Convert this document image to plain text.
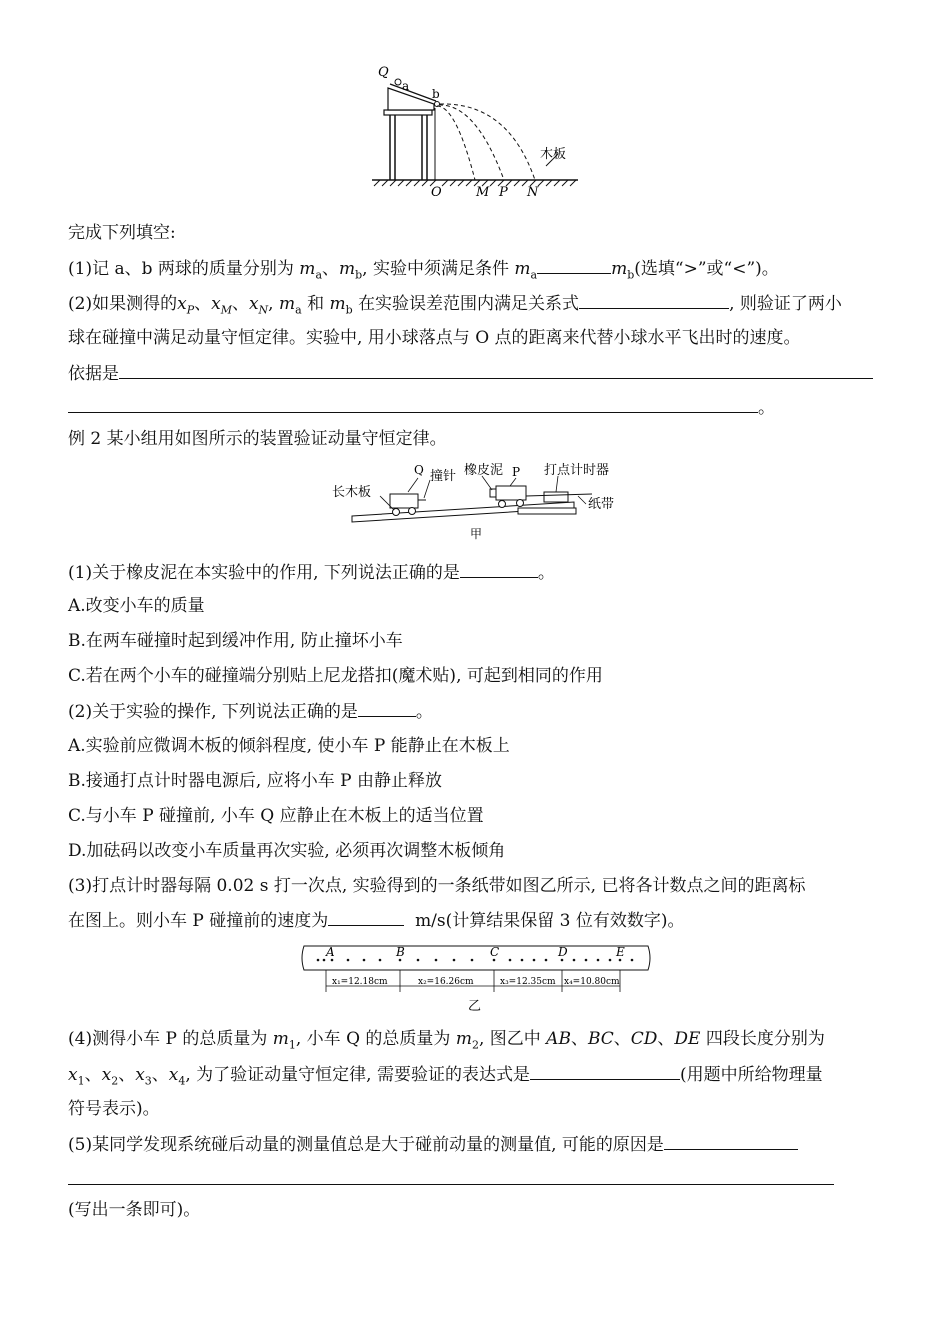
Q
a
b
木板
O	M P N
完成下列填空:
(1)记 a、b 两球的质量分别为 $m_a$、$m_b$, 实验中须满足条件 $m_a$	$m_b$(选填“>”或“<”)。
(2)如果测得的$x_P$、$x_M$、$x_N$, $m_a$ 和 $m_b$ 在实验误差范围内满足关系式	, 则验证了两小
球在碰撞中满足动量守恒定律。实验中, 用小球落点与 O 点的距离来代替小球水平飞出时的速度。
依据是
。
例 2 某小组用如图所示的装置验证动量守恒定律。
长木板
Q 撞针 橡皮泥 P 打点计时器
纸带
甲
(1)关于橡皮泥在本实验中的作用, 下列说法正确的是	。
A.改变小车的质量
B.在两车碰撞时起到缓冲作用, 防止撞坏小车
C.若在两个小车的碰撞端分别贴上尼龙搭扣(魔术贴), 可起到相同的作用
(2)关于实验的操作, 下列说法正确的是	。
A.实验前应微调木板的倾斜程度, 使小车 P 能静止在木板上
B.接通打点计时器电源后, 应将小车 P 由静止释放
C.与小车 P 碰撞前, 小车 Q 应静止在木板上的适当位置
D.加砝码以改变小车质量再次实验, 必须再次调整木板倾角
(3)打点计时器每隔 0.02 s 打一次点, 实验得到的一条纸带如图乙所示, 已将各计数点之间的距离标
在图上。则小车 P 碰撞前的速度为	m/s(计算结果保留 3 位有效数字)。
A	B	C	D	E
x₁=12.18cm	x₂=16.26cm	x₃=12.35cm x₄=10.80cm
乙
(4)测得小车 P 的总质量为 $m_1$, 小车 Q 的总质量为 $m_2$, 图乙中 AB、BC、CD、DE 四段长度分别为
$x_1$、$x_2$、$x_3$、$x_4$, 为了验证动量守恒定律, 需要验证的表达式是	(用题中所给物理量
符号表示)。
(5)某同学发现系统碰后动量的测量值总是大于碰前动量的测量值, 可能的原因是
(写出一条即可)。
